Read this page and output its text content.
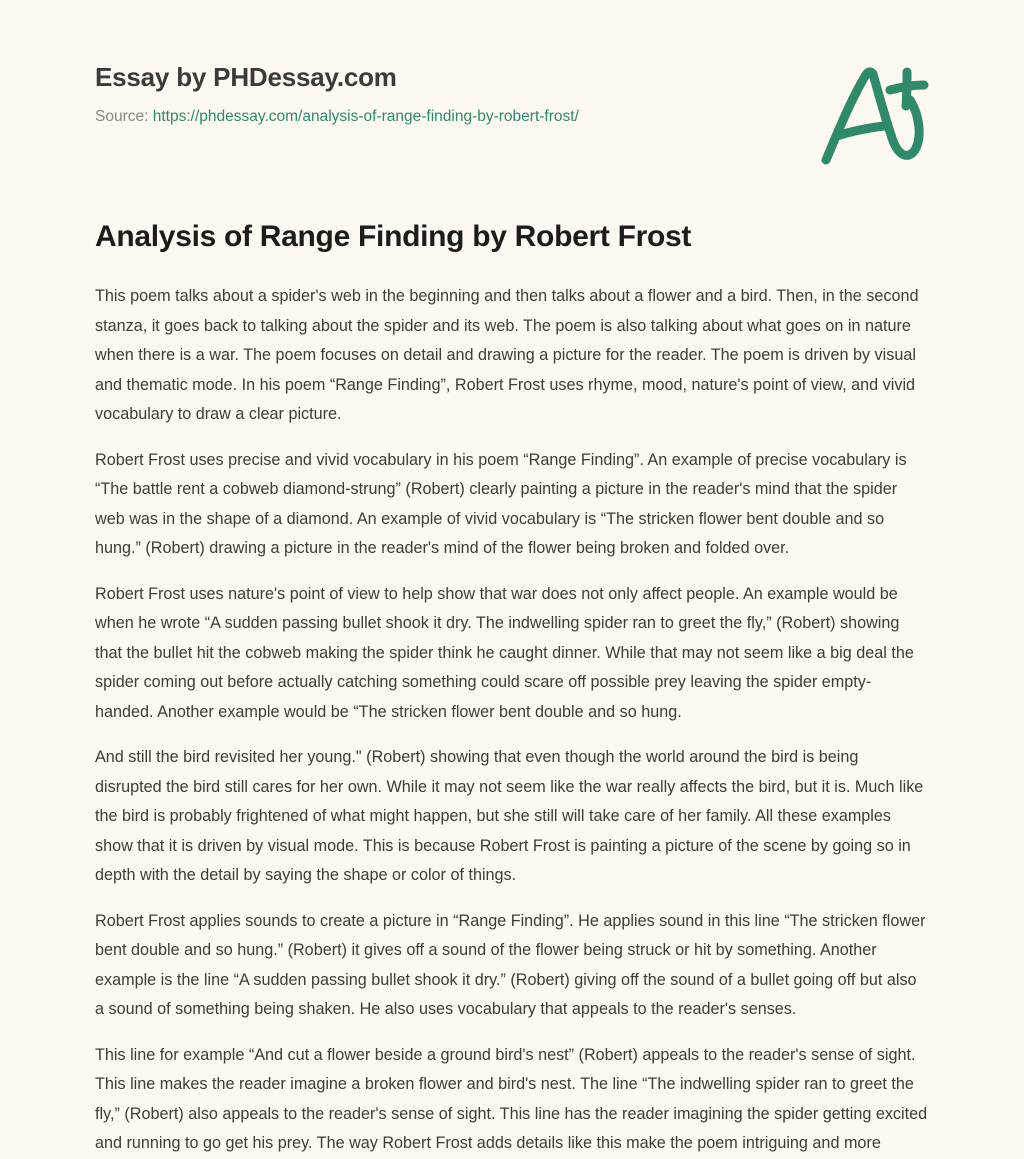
Essay by PHDessay.com
Source: https://phdessay.com/analysis-of-range-finding-by-robert-frost/
Analysis of Range Finding by Robert Frost

This poem talks about a spider's web in the beginning and then talks about a flower and a bird. Then, in the second stanza, it goes back to talking about the spider and its web. The poem is also talking about what goes on in nature when there is a war. The poem focuses on detail and drawing a picture for the reader. The poem is driven by visual and thematic mode. In his poem “Range Finding”, Robert Frost uses rhyme, mood, nature's point of view, and vivid vocabulary to draw a clear picture.

Robert Frost uses precise and vivid vocabulary in his poem “Range Finding”. An example of precise vocabulary is “The battle rent a cobweb diamond-strung” (Robert) clearly painting a picture in the reader's mind that the spider web was in the shape of a diamond. An example of vivid vocabulary is “The stricken flower bent double and so hung.” (Robert) drawing a picture in the reader's mind of the flower being broken and folded over.

Robert Frost uses nature's point of view to help show that war does not only affect people. An example would be when he wrote “A sudden passing bullet shook it dry. The indwelling spider ran to greet the fly,” (Robert) showing that the bullet hit the cobweb making the spider think he caught dinner. While that may not seem like a big deal the spider coming out before actually catching something could scare off possible prey leaving the spider empty-handed. Another example would be “The stricken flower bent double and so hung.

And still the bird revisited her young." (Robert) showing that even though the world around the bird is being disrupted the bird still cares for her own. While it may not seem like the war really affects the bird, but it is. Much like the bird is probably frightened of what might happen, but she still will take care of her family. All these examples show that it is driven by visual mode. This is because Robert Frost is painting a picture of the scene by going so in depth with the detail by saying the shape or color of things.

Robert Frost applies sounds to create a picture in “Range Finding”. He applies sound in this line “The stricken flower bent double and so hung.” (Robert) it gives off a sound of the flower being struck or hit by something. Another example is the line “A sudden passing bullet shook it dry.” (Robert) giving off the sound of a bullet going off but also a sound of something being shaken. He also uses vocabulary that appeals to the reader's senses.

This line for example “And cut a flower beside a ground bird's nest” (Robert) appeals to the reader's sense of sight. This line makes the reader imagine a broken flower and bird's nest. The line “The indwelling spider ran to greet the fly,” (Robert) also appeals to the reader's sense of sight. This line has the reader imagining the spider getting excited and running to go get his prey. The way Robert Frost adds details like this make the poem intriguing and more
